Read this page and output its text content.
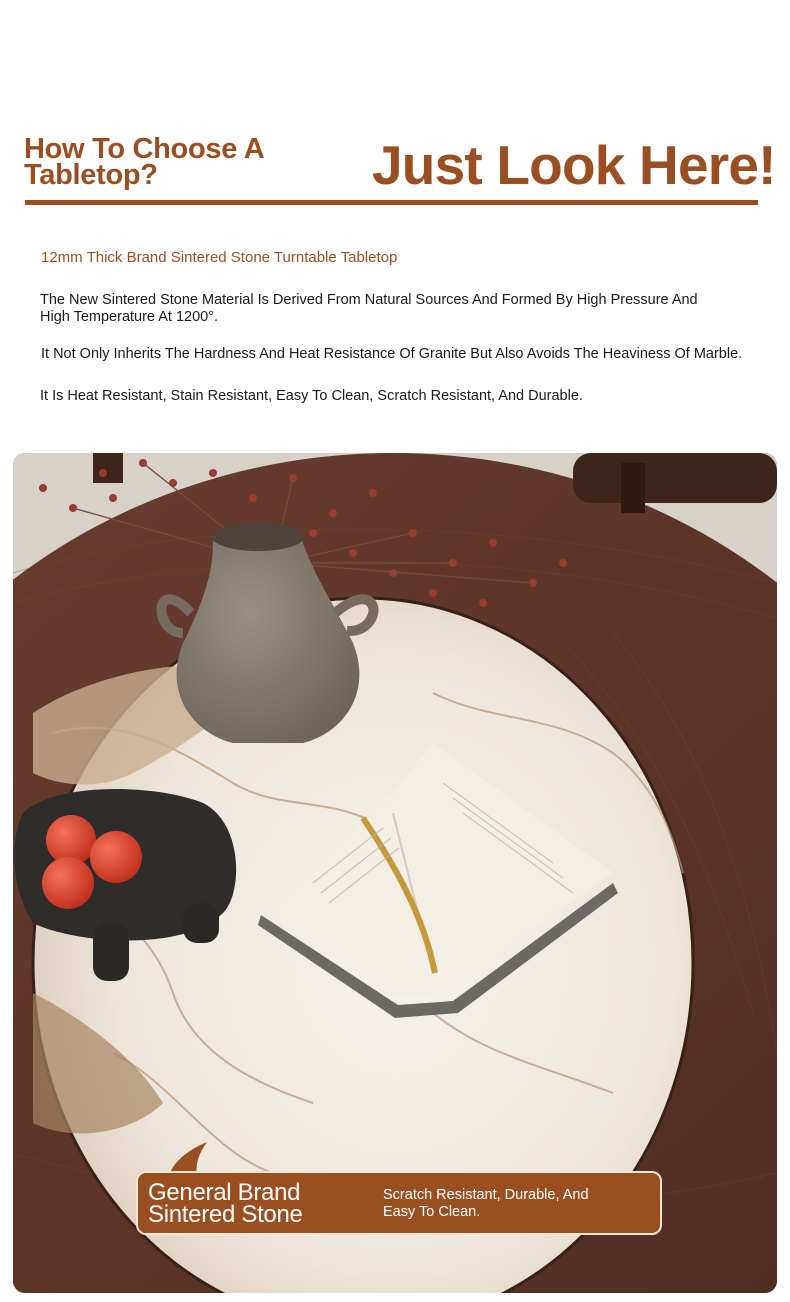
How To Choose A
Tabletop?	Just Look Here!
12mm Thick Brand Sintered Stone Turntable Tabletop
The New Sintered Stone Material Is Derived From Natural Sources And Formed By High Pressure And
High Temperature At 1200°.
It Not Only Inherits The Hardness And Heat Resistance Of Granite But Also Avoids The Heaviness Of Marble.
It Is Heat Resistant, Stain Resistant, Easy To Clean, Scratch Resistant, And Durable.
General Brand
Sintered Stone
Scratch Resistant, Durable, And
Easy To Clean.
